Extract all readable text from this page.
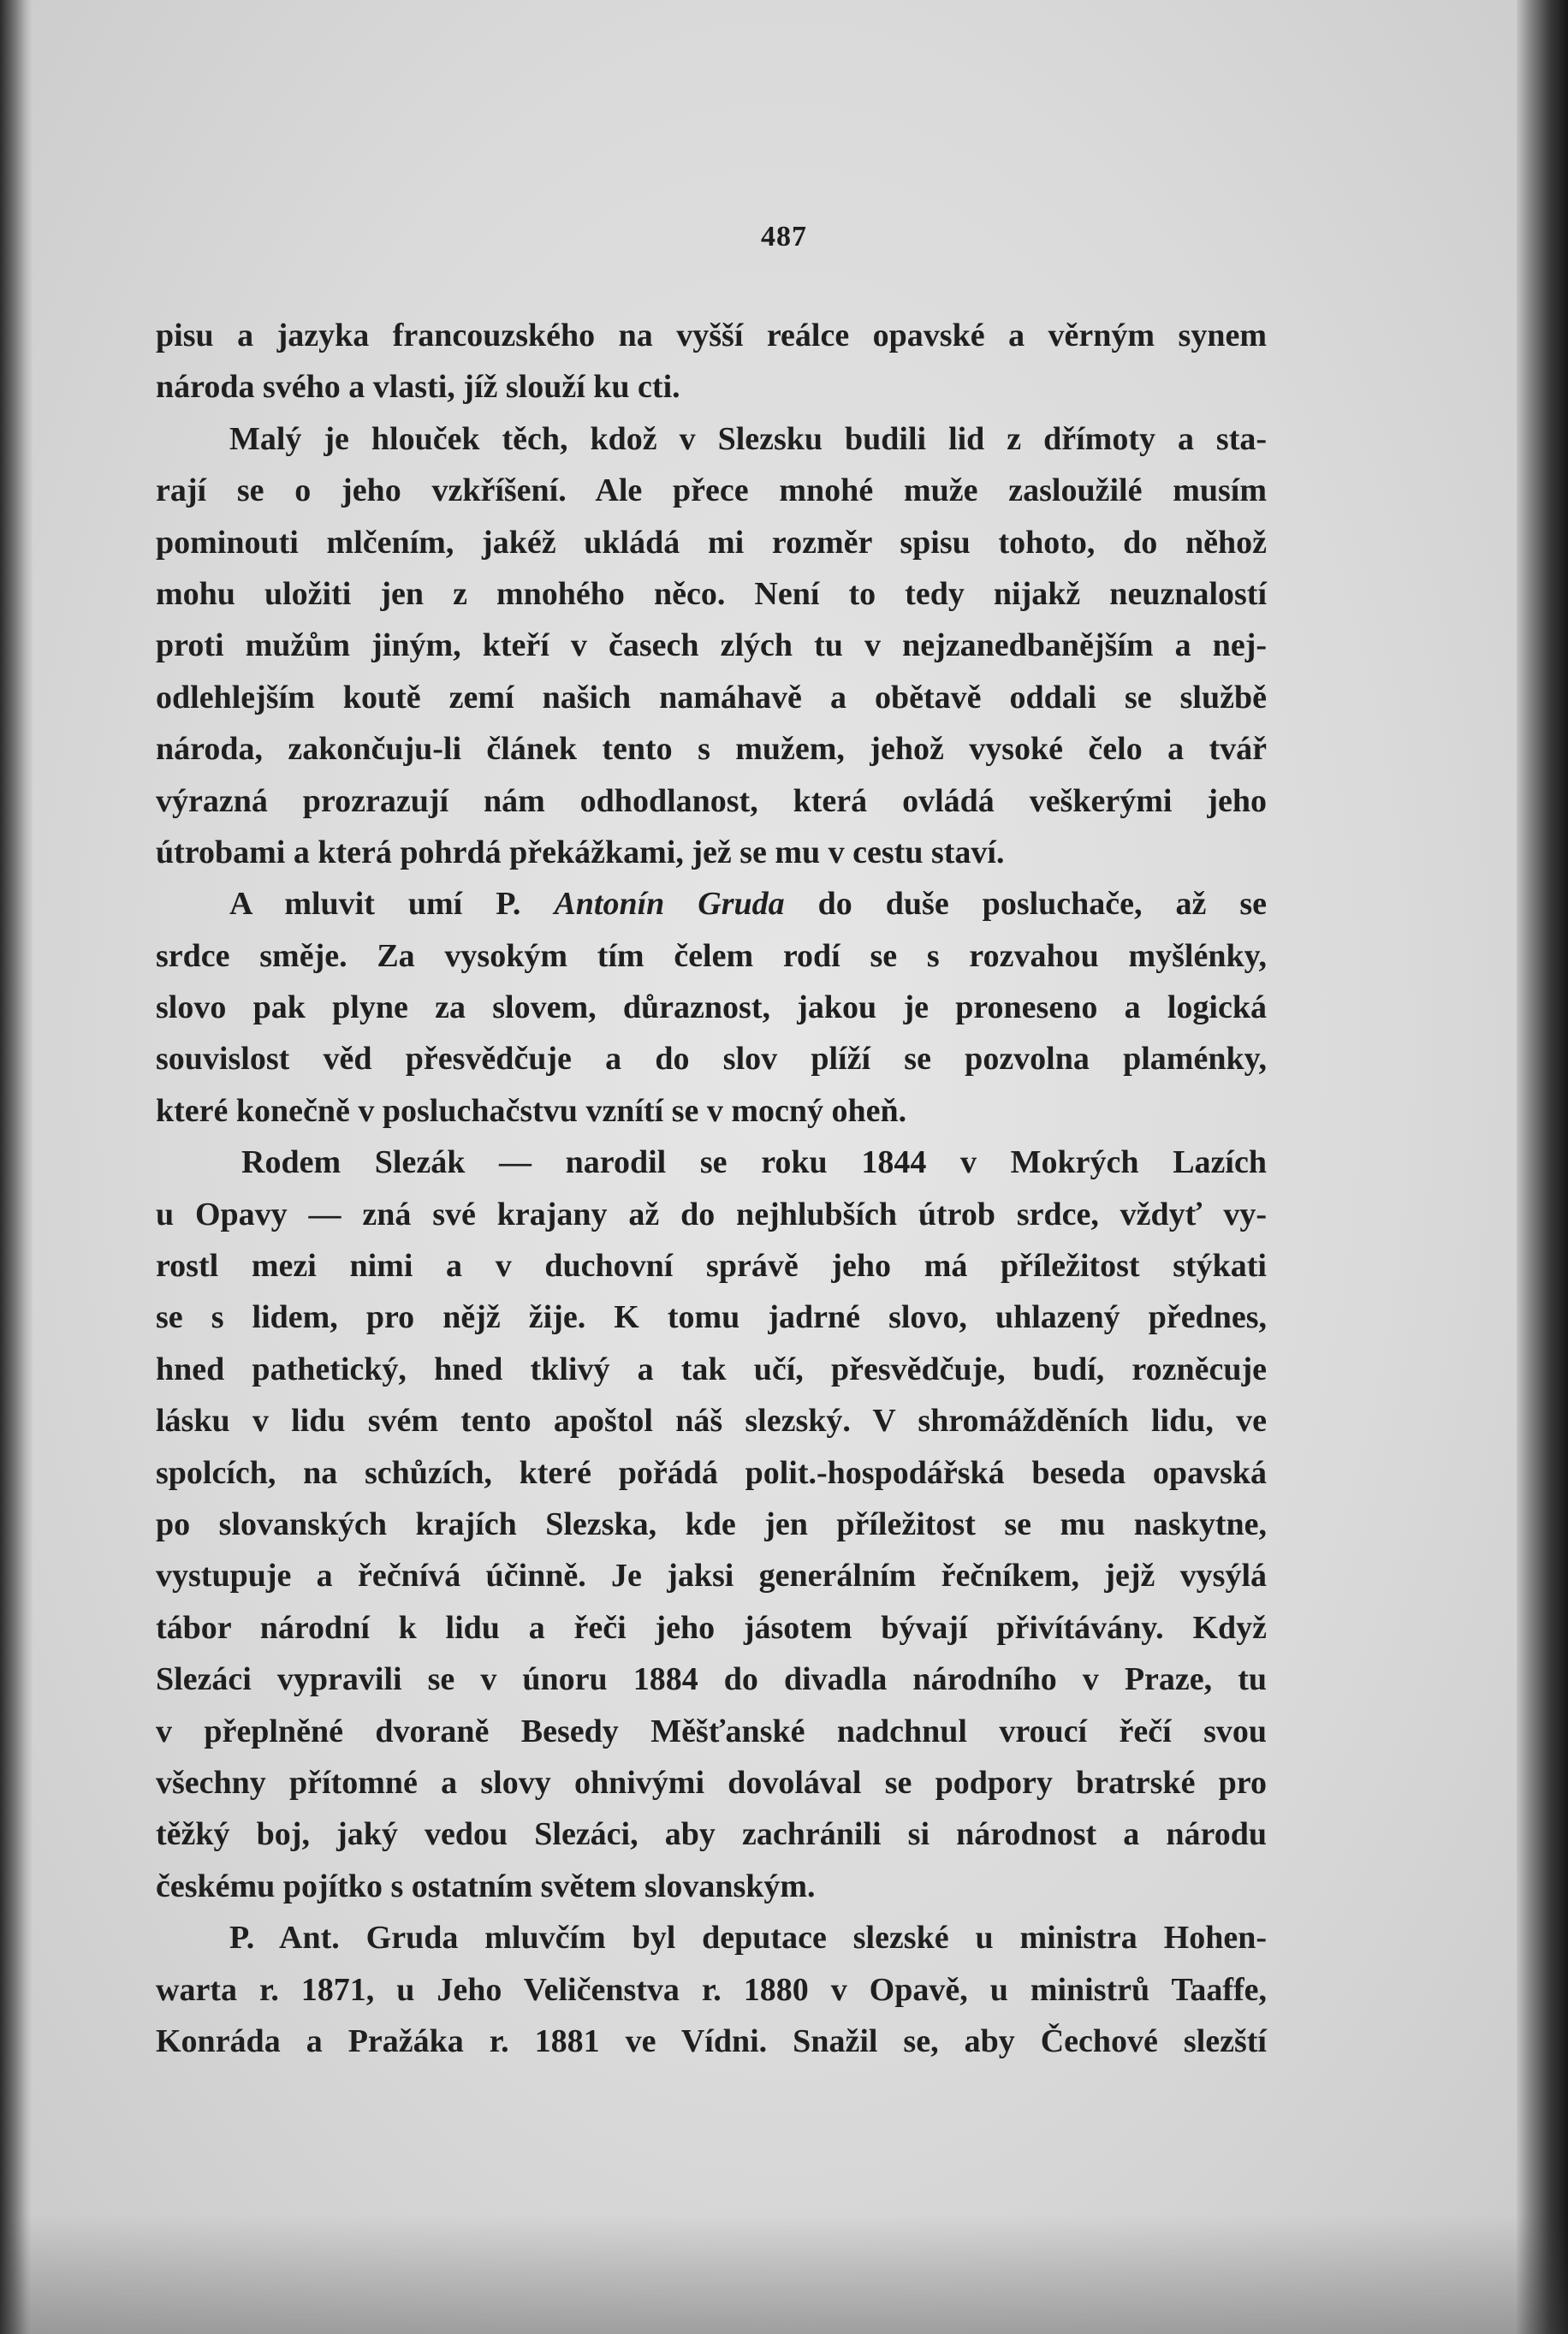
487
pisu a jazyka francouzského na vyšší reálce opavské a věrným synem
národa svého a vlasti, jíž slouží ku cti.
Malý je hlouček těch, kdož v Slezsku budili lid z dřímoty a sta-
rají se o jeho vzkříšení. Ale přece mnohé muže zasloužilé musím
pominouti mlčením, jakéž ukládá mi rozměr spisu tohoto, do něhož
mohu uložiti jen z mnohého něco. Není to tedy nijakž neuznalostí
proti mužům jiným, kteří v časech zlých tu v nejzanedbanějším a nej-
odlehlejším koutě zemí našich namáhavě a obětavě oddali se službě
národa, zakončuju-li článek tento s mužem, jehož vysoké čelo a tvář
výrazná prozrazují nám odhodlanost, která ovládá veškerými jeho
útrobami a která pohrdá překážkami, jež se mu v cestu staví.
A mluvit umí P. Antonín Gruda do duše posluchače, až se
srdce směje. Za vysokým tím čelem rodí se s rozvahou myšlénky,
slovo pak plyne za slovem, důraznost, jakou je proneseno a logická
souvislost věd přesvědčuje a do slov plíží se pozvolna plaménky,
které konečně v posluchačstvu vznítí se v mocný oheň.
Rodem Slezák — narodil se roku 1844 v Mokrých Lazích
u Opavy — zná své krajany až do nejhlubších útrob srdce, vždyť vy-
rostl mezi nimi a v duchovní správě jeho má příležitost stýkati
se s lidem, pro nějž žije. K tomu jadrné slovo, uhlazený přednes,
hned pathetický, hned tklivý a tak učí, přesvědčuje, budí, rozněcuje
lásku v lidu svém tento apoštol náš slezský. V shromážděních lidu, ve
spolcích, na schůzích, které pořádá polit.-hospodářská beseda opavská
po slovanských krajích Slezska, kde jen příležitost se mu naskytne,
vystupuje a řečnívá účinně. Je jaksi generálním řečníkem, jejž vysýlá
tábor národní k lidu a řeči jeho jásotem bývají přivítávány. Když
Slezáci vypravili se v únoru 1884 do divadla národního v Praze, tu
v přeplněné dvoraně Besedy Měšťanské nadchnul vroucí řečí svou
všechny přítomné a slovy ohnivými dovolával se podpory bratrské pro
těžký boj, jaký vedou Slezáci, aby zachránili si národnost a národu
českému pojítko s ostatním světem slovanským.
P. Ant. Gruda mluvčím byl deputace slezské u ministra Hohen-
warta r. 1871, u Jeho Veličenstva r. 1880 v Opavě, u ministrů Taaffe,
Konráda a Pražáka r. 1881 ve Vídni. Snažil se, aby Čechové slezští
